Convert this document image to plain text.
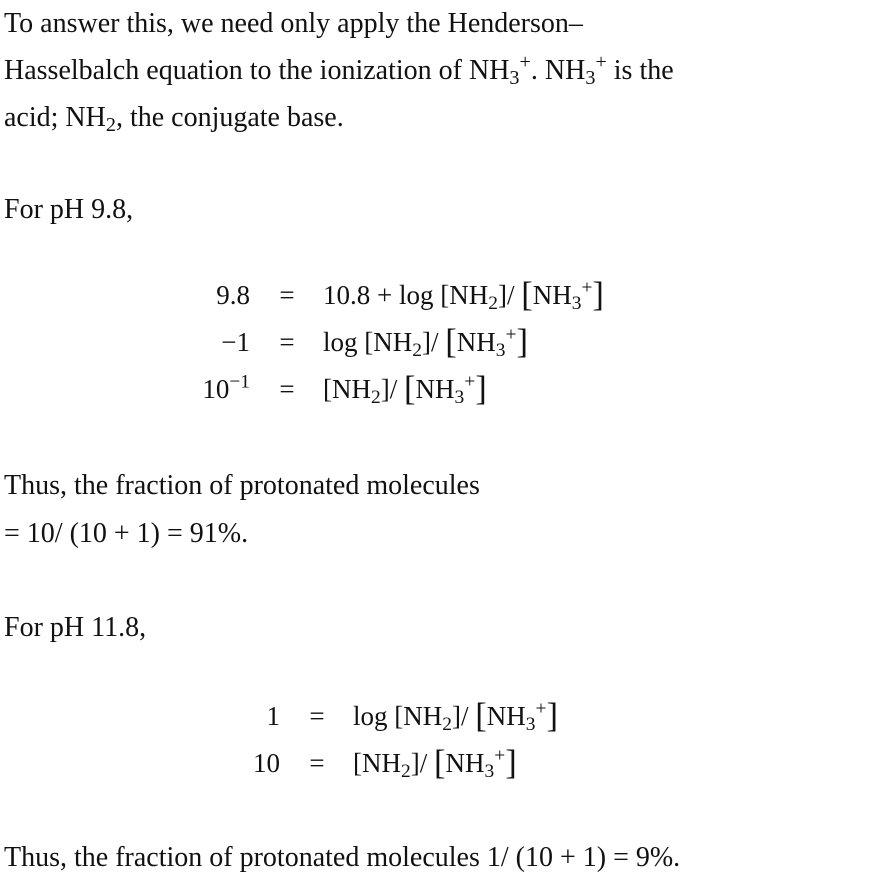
To answer this, we need only apply the Henderson–
Hasselbalch equation to the ionization of $NH_3^+$. $NH_3^+$ is the
acid; $NH_2$, the conjugate base.
For pH 9.8,
$9.8 = 10.8 + \log [NH_2]/$ $[NH_3^+]$
$-1 = \log [NH_2]/$ $[NH_3^+]$
$10^{-1} = [NH_2]/$ $[NH_3^+]$
Thus, the fraction of protonated molecules
= 10/ (10 + 1) = 91%.
For pH 11.8,
$1 = \log [NH_2]/$ $[NH_3^+]$
$10 = [NH_2]/$ $[NH_3^+]$
Thus, the fraction of protonated molecules 1/ (10 + 1) = 9%.
